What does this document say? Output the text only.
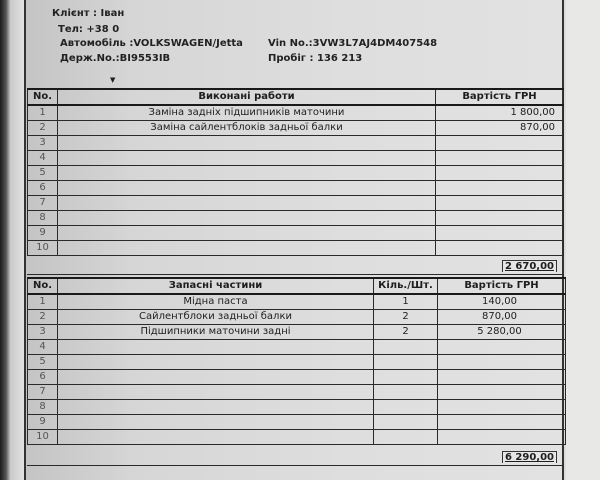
Клієнт : Іван
Тел: +38 0
Автомобіль :VOLKSWAGEN/Jetta
Держ.No.:ВІ9553ІВ
Vin No.:3VW3L7AJ4DM407548
Пробіг : 136 213
▼
No.	Виконані работи	Вартість ГРН
1	Заміна задніх підшипників маточини	1 800,00
2	Заміна сайлентблоків задньої балки	870,00
3		
4		
5		
6		
7		
8		
9		
10		
2 670,00
No.	Запасні частини	Кіль./Шт.	Вартість ГРН
1	Мідна паста	1	140,00
2	Сайлентблоки задньої балки	2	870,00
3	Підшипники маточини задні	2	5 280,00
4			
5			
6			
7			
8			
9			
10			
6 290,00
